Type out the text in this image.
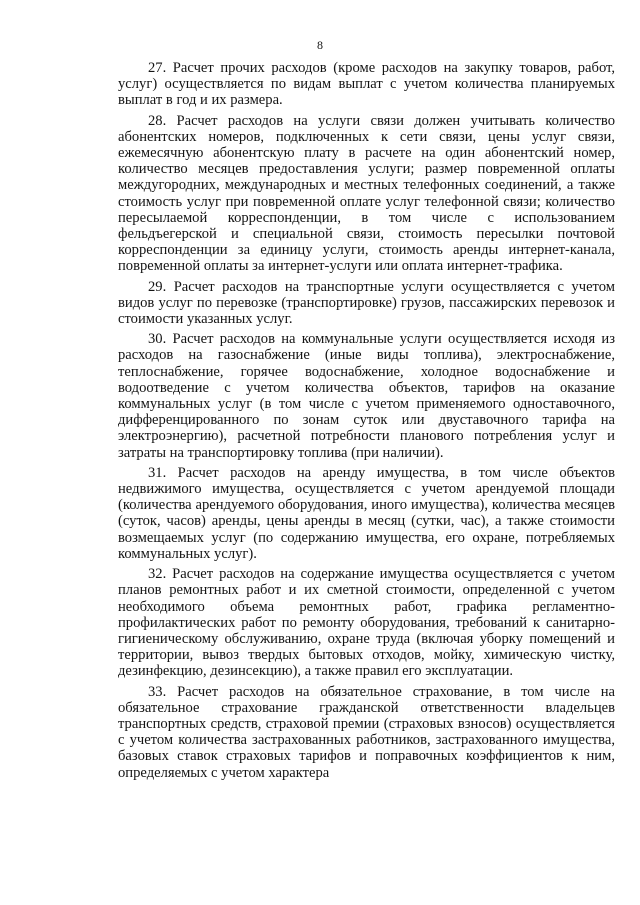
8

27. Расчет прочих расходов (кроме расходов на закупку товаров, работ, услуг) осуществляется по видам выплат с учетом количества планируемых выплат в год и их размера.

28. Расчет расходов на услуги связи должен учитывать количество абонентских номеров, подключенных к сети связи, цены услуг связи, ежемесячную абонентскую плату в расчете на один абонентский номер, количество месяцев предоставления услуги; размер повременной оплаты междугородних, международных и местных телефонных соединений, а также стоимость услуг при повременной оплате услуг телефонной связи; количество пересылаемой корреспонденции, в том числе с использованием фельдъегерской и специальной связи, стоимость пересылки почтовой корреспонденции за единицу услуги, стоимость аренды интернет-канала, повременной оплаты за интернет-услуги или оплата интернет-трафика.

29. Расчет расходов на транспортные услуги осуществляется с учетом видов услуг по перевозке (транспортировке) грузов, пассажирских перевозок и стоимости указанных услуг.

30. Расчет расходов на коммунальные услуги осуществляется исходя из расходов на газоснабжение (иные виды топлива), электроснабжение, теплоснабжение, горячее водоснабжение, холодное водоснабжение и водоотведение с учетом количества объектов, тарифов на оказание коммунальных услуг (в том числе с учетом применяемого одноставочного, дифференцированного по зонам суток или двуставочного тарифа на электроэнергию), расчетной потребности планового потребления услуг и затраты на транспортировку топлива (при наличии).

31. Расчет расходов на аренду имущества, в том числе объектов недвижимого имущества, осуществляется с учетом арендуемой площади (количества арендуемого оборудования, иного имущества), количества месяцев (суток, часов) аренды, цены аренды в месяц (сутки, час), а также стоимости возмещаемых услуг (по содержанию имущества, его охране, потребляемых коммунальных услуг).

32. Расчет расходов на содержание имущества осуществляется с учетом планов ремонтных работ и их сметной стоимости, определенной с учетом необходимого объема ремонтных работ, графика регламентно-профилактических работ по ремонту оборудования, требований к санитарно-гигиеническому обслуживанию, охране труда (включая уборку помещений и территории, вывоз твердых бытовых отходов, мойку, химическую чистку, дезинфекцию, дезинсекцию), а также правил его эксплуатации.

33. Расчет расходов на обязательное страхование, в том числе на обязательное страхование гражданской ответственности владельцев транспортных средств, страховой премии (страховых взносов) осуществляется с учетом количества застрахованных работников, застрахованного имущества, базовых ставок страховых тарифов и поправочных коэффициентов к ним, определяемых с учетом характера
